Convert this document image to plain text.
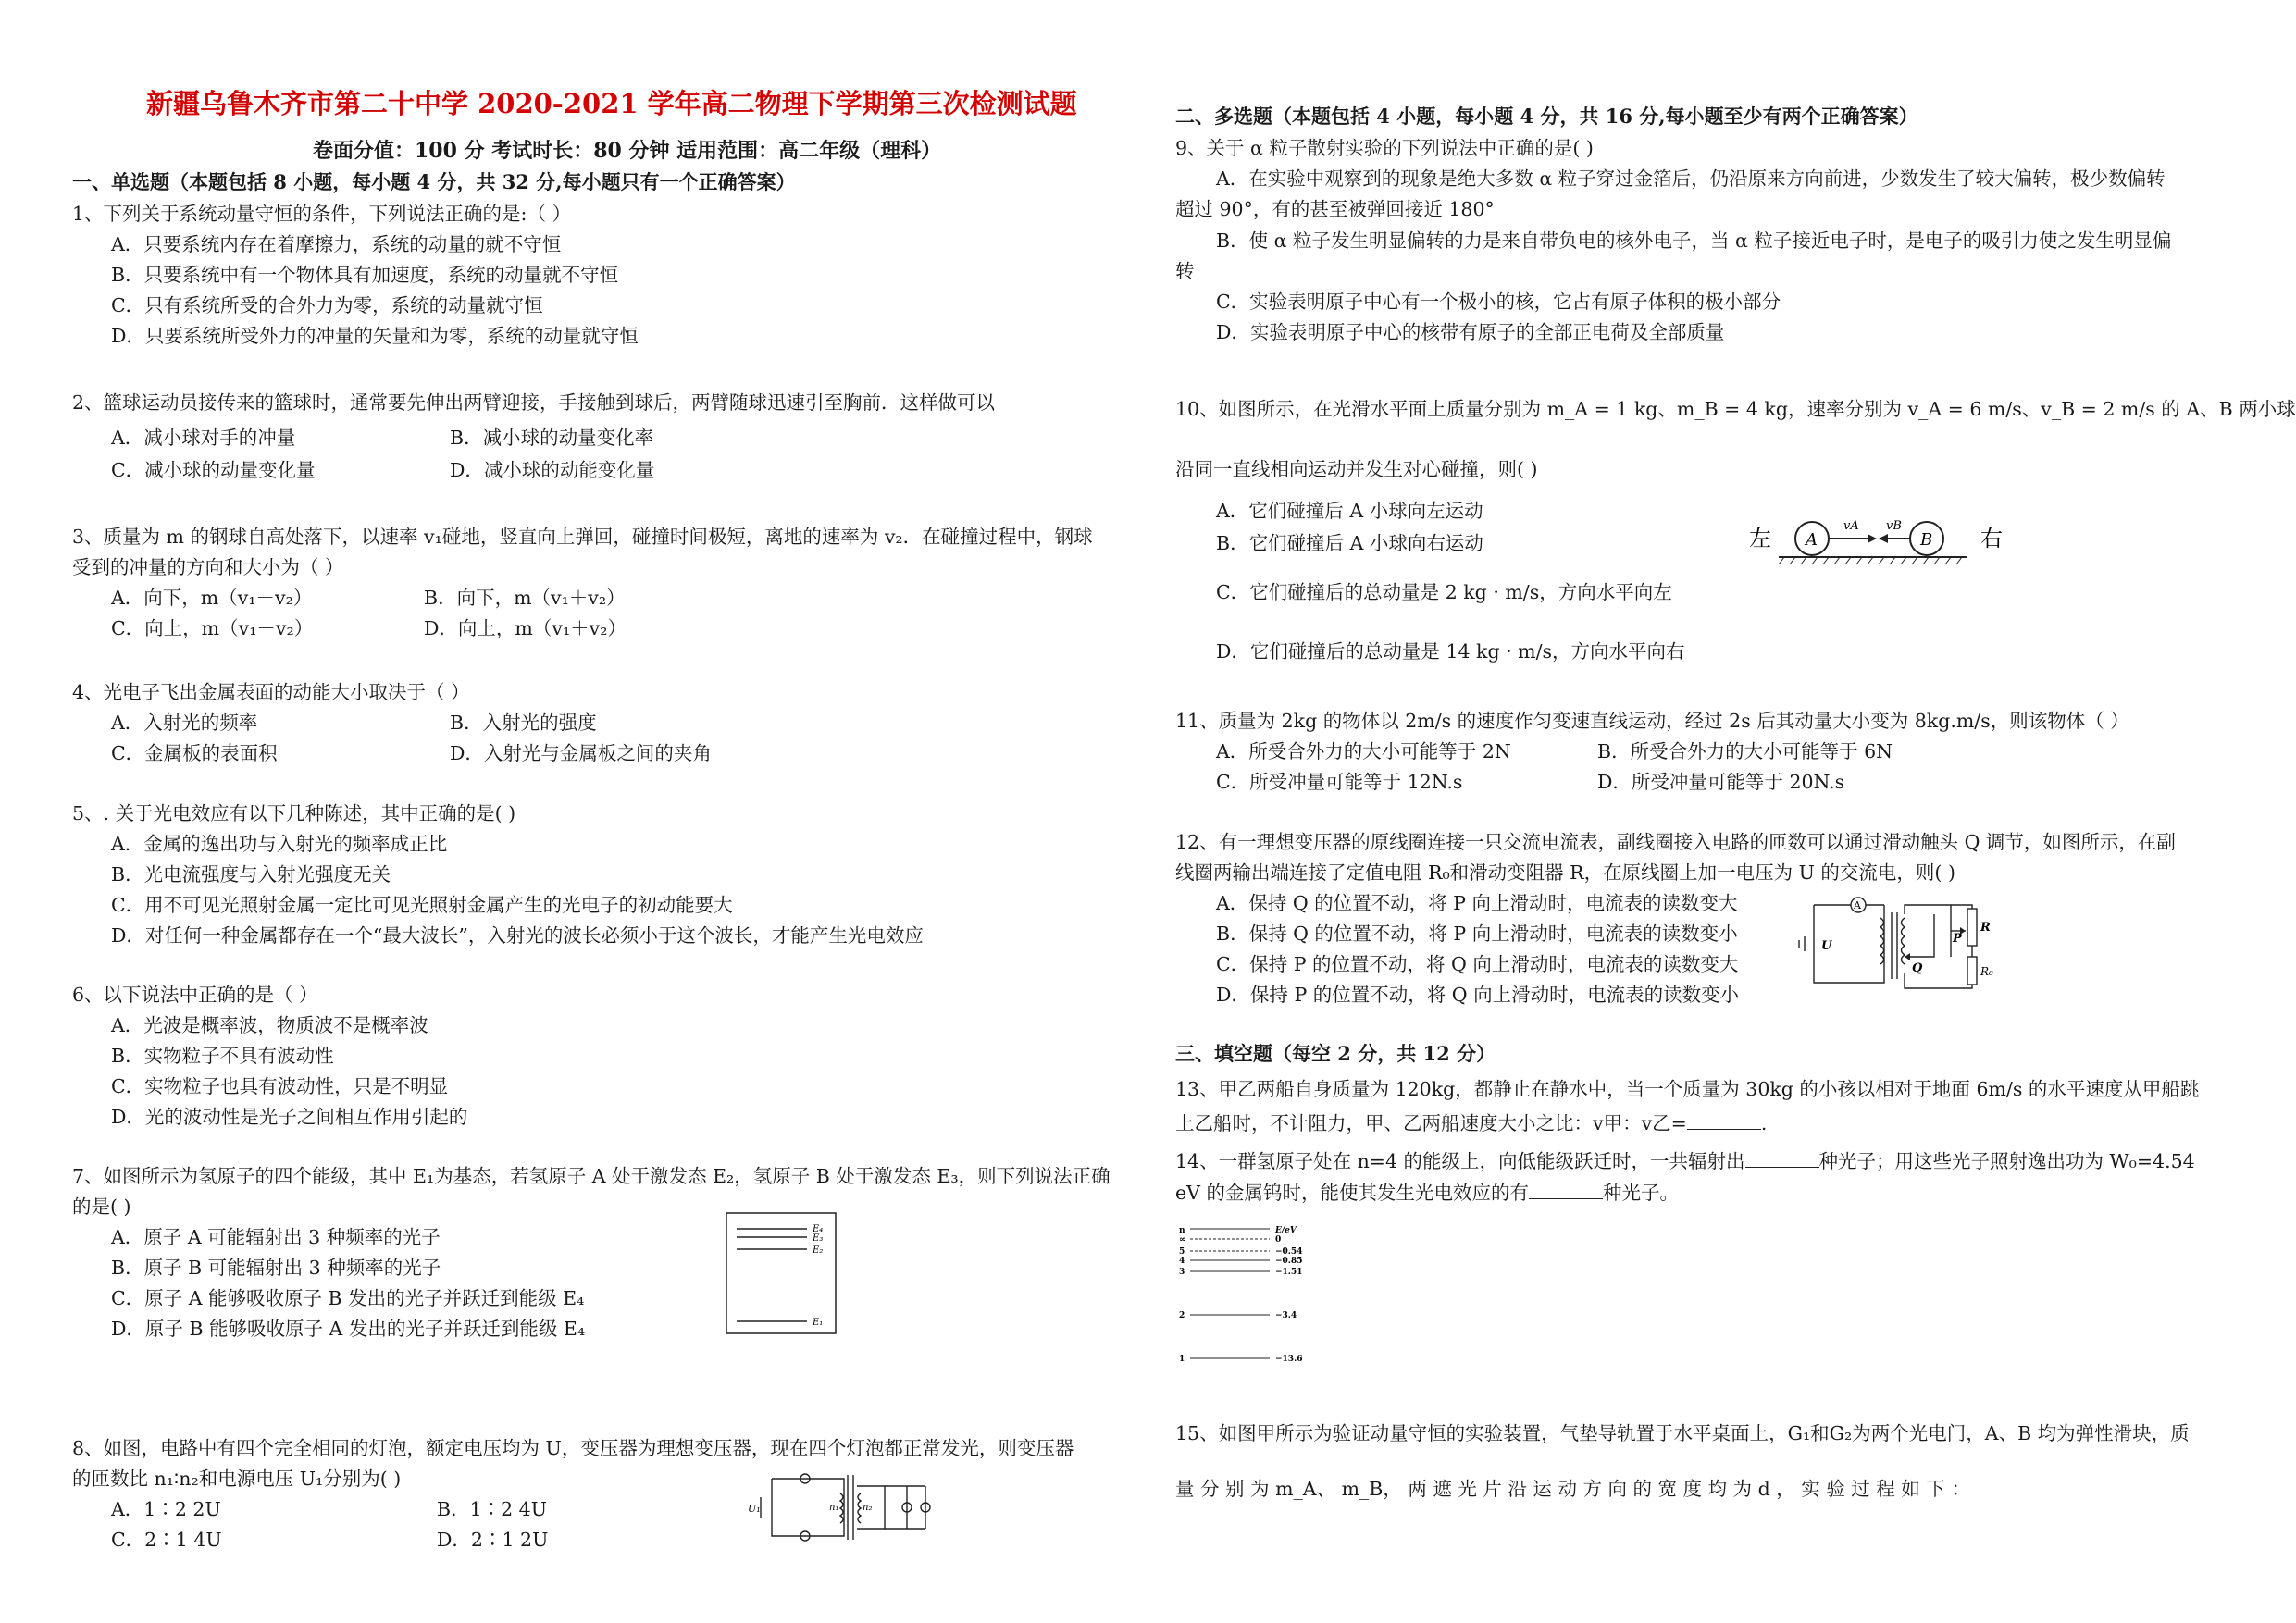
新疆乌鲁木齐市第二十中学 2020-2021 学年高二物理下学期第三次检测试题
卷面分值：100 分 考试时长：80 分钟 适用范围：高二年级（理科）
一、单选题（本题包括 8 小题，每小题 4 分，共 32 分,每小题只有一个正确答案）
1、下列关于系统动量守恒的条件，下列说法正确的是:（ ）
A．只要系统内存在着摩擦力，系统的动量的就不守恒
B．只要系统中有一个物体具有加速度，系统的动量就不守恒
C．只有系统所受的合外力为零，系统的动量就守恒
D．只要系统所受外力的冲量的矢量和为零，系统的动量就守恒
2、篮球运动员接传来的篮球时，通常要先伸出两臂迎接，手接触到球后，两臂随球迅速引至胸前．这样做可以
A．减小球对手的冲量	B．减小球的动量变化率
C．减小球的动量变化量	D．减小球的动能变化量
3、质量为 m 的钢球自高处落下，以速率 v₁碰地，竖直向上弹回，碰撞时间极短，离地的速率为 v₂．在碰撞过程中，钢球
受到的冲量的方向和大小为（ ）
A．向下，m（v₁－v₂）	B．向下，m（v₁＋v₂）
C．向上，m（v₁－v₂）	D．向上，m（v₁＋v₂）
4、光电子飞出金属表面的动能大小取决于（ ）
A．入射光的频率	B．入射光的强度
C．金属板的表面积	D．入射光与金属板之间的夹角
5、. 关于光电效应有以下几种陈述，其中正确的是( )
A．金属的逸出功与入射光的频率成正比
B．光电流强度与入射光强度无关
C．用不可见光照射金属一定比可见光照射金属产生的光电子的初动能要大
D．对任何一种金属都存在一个“最大波长”，入射光的波长必须小于这个波长，才能产生光电效应
6、以下说法中正确的是（ ）
A．光波是概率波，物质波不是概率波
B．实物粒子不具有波动性
C．实物粒子也具有波动性，只是不明显
D．光的波动性是光子之间相互作用引起的
7、如图所示为氢原子的四个能级，其中 E₁为基态，若氢原子 A 处于激发态 E₂，氢原子 B 处于激发态 E₃，则下列说法正确
的是( )
A．原子 A 可能辐射出 3 种频率的光子
B．原子 B 可能辐射出 3 种频率的光子
C．原子 A 能够吸收原子 B 发出的光子并跃迁到能级 E₄
D．原子 B 能够吸收原子 A 发出的光子并跃迁到能级 E₄
E₄
E₃
E₂
E₁
8、如图，电路中有四个完全相同的灯泡，额定电压均为 U，变压器为理想变压器，现在四个灯泡都正常发光，则变压器
的匝数比 n₁∶n₂和电源电压 U₁分别为( )
A．1∶2 2U	B．1∶2 4U
C．2∶1 4U	D．2∶1 2U
U₁	n₁	n₂
二、多选题（本题包括 4 小题，每小题 4 分，共 16 分,每小题至少有两个正确答案）
9、关于 α 粒子散射实验的下列说法中正确的是( )
A．在实验中观察到的现象是绝大多数 α 粒子穿过金箔后，仍沿原来方向前进，少数发生了较大偏转，极少数偏转
超过 90°，有的甚至被弹回接近 180°
B．使 α 粒子发生明显偏转的力是来自带负电的核外电子，当 α 粒子接近电子时，是电子的吸引力使之发生明显偏
转
C．实验表明原子中心有一个极小的核，它占有原子体积的极小部分
D．实验表明原子中心的核带有原子的全部正电荷及全部质量
10、如图所示，在光滑水平面上质量分别为 m_A = 1 kg、m_B = 4 kg，速率分别为 v_A = 6 m/s、v_B = 2 m/s 的 A、B 两小球
沿同一直线相向运动并发生对心碰撞，则( )
A．它们碰撞后 A 小球向左运动
B．它们碰撞后 A 小球向右运动
C．它们碰撞后的总动量是 2 kg · m/s，方向水平向左
D．它们碰撞后的总动量是 14 kg · m/s，方向水平向右
左	右
A
vA
B
vB
11、质量为 2kg 的物体以 2m/s 的速度作匀变速直线运动，经过 2s 后其动量大小变为 8kg.m/s，则该物体（ ）
A．所受合外力的大小可能等于 2N	B．所受合外力的大小可能等于 6N
C．所受冲量可能等于 12N.s	D．所受冲量可能等于 20N.s
12、有一理想变压器的原线圈连接一只交流电流表，副线圈接入电路的匝数可以通过滑动触头 Q 调节，如图所示，在副
线圈两输出端连接了定值电阻 R₀和滑动变阻器 R，在原线圈上加一电压为 U 的交流电，则( )
A．保持 Q 的位置不动，将 P 向上滑动时，电流表的读数变大
B．保持 Q 的位置不动，将 P 向上滑动时，电流表的读数变小
C．保持 P 的位置不动，将 Q 向上滑动时，电流表的读数变大
D．保持 P 的位置不动，将 Q 向上滑动时，电流表的读数变小
A
U
Q
P
R
R₀
三、填空题（每空 2 分，共 12 分）
13、甲乙两船自身质量为 120kg，都静止在静水中，当一个质量为 30kg 的小孩以相对于地面 6m/s 的水平速度从甲船跳
上乙船时，不计阻力，甲、乙两船速度大小之比：v甲：v乙=	.
14、一群氢原子处在 n=4 的能级上，向低能级跃迁时，一共辐射出	种光子；用这些光子照射逸出功为 W₀=4.54
eV 的金属钨时，能使其发生光电效应的有	种光子。
n	E/eV
∞	0
5	−0.54
4	−0.85
3	−1.51
2	−3.4
1	−13.6
15、如图甲所示为验证动量守恒的实验装置，气垫导轨置于水平桌面上，G₁和G₂为两个光电门，A、B 均为弹性滑块，质
量 分 别 为 m_A、 m_B， 两 遮 光 片 沿 运 动 方 向 的 宽 度 均 为 d ， 实 验 过 程 如 下 ：
